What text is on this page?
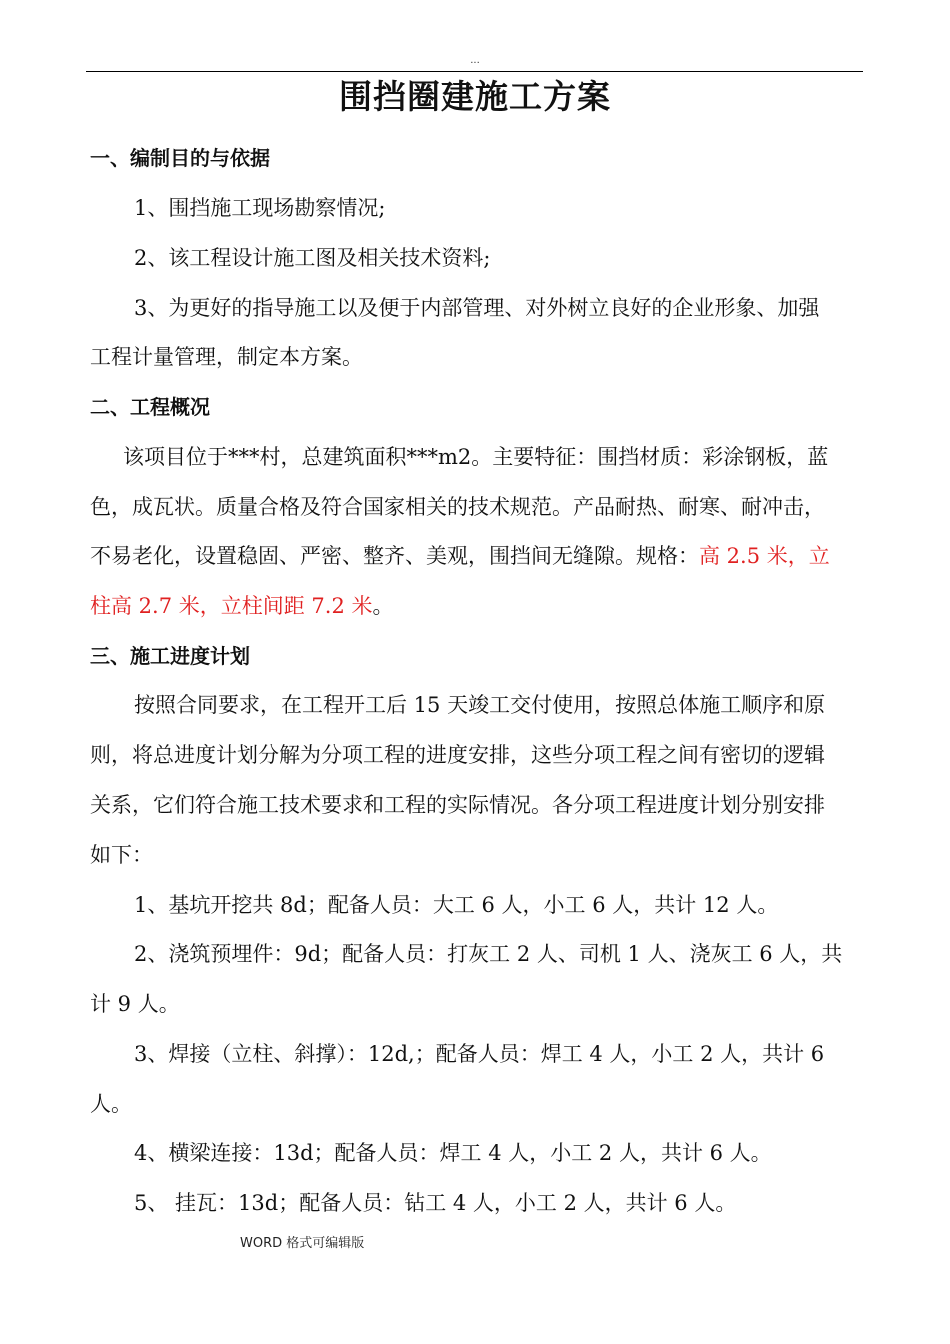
...
围挡圈建施工方案
一、编制目的与依据
1、围挡施工现场勘察情况;
2、该工程设计施工图及相关技术资料;
3、为更好的指导施工以及便于内部管理、对外树立良好的企业形象、加强
工程计量管理，制定本方案。
二、工程概况
该项目位于***村，总建筑面积***m2。主要特征：围挡材质：彩涂钢板，蓝
色，成瓦状。质量合格及符合国家相关的技术规范。产品耐热、耐寒、耐冲击，
不易老化，设置稳固、严密、整齐、美观，围挡间无缝隙。规格：高 2.5 米，立
柱高 2.7 米，立柱间距 7.2 米。
三、施工进度计划
按照合同要求，在工程开工后 15 天竣工交付使用，按照总体施工顺序和原
则，将总进度计划分解为分项工程的进度安排，这些分项工程之间有密切的逻辑
关系，它们符合施工技术要求和工程的实际情况。各分项工程进度计划分别安排
如下：
1、基坑开挖共 8d；配备人员：大工 6 人，小工 6 人，共计 12 人。
2、浇筑预埋件：9d；配备人员：打灰工 2 人、司机 1 人、浇灰工 6 人，共
计 9 人。
3、焊接（立柱、斜撑）：12d,；配备人员：焊工 4 人，小工 2 人，共计 6
人。
4、横梁连接：13d；配备人员：焊工 4 人，小工 2 人，共计 6 人。
5、 挂瓦：13d；配备人员：钻工 4 人，小工 2 人，共计 6 人。
WORD 格式可编辑版
